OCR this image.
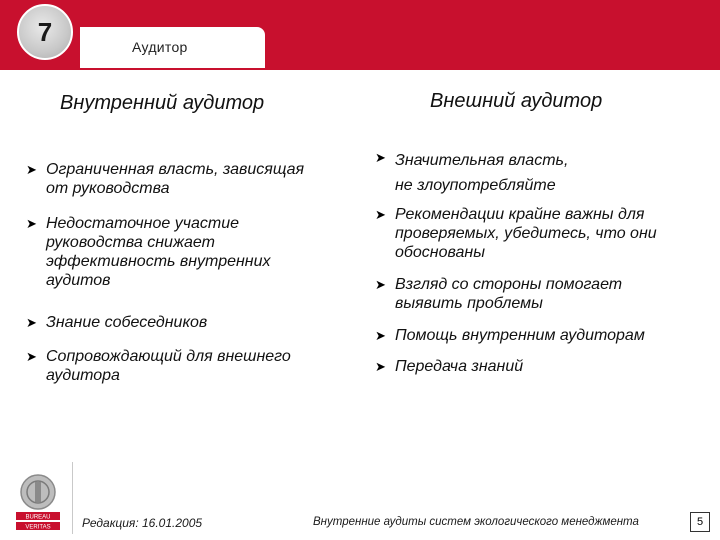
7
Аудитор
Внутренний аудитор	Внешний аудитор
➤ Ограниченная власть, зависящая
от руководства
➤ Недостаточное участие
руководства снижает
эффективность внутренних
аудитов
➤ Знание собеседников
➤ Сопровождающий для внешнего
аудитора
➤ Значительная власть,
не злоупотребляйте
➤ Рекомендации крайне важны для
проверяемых, убедитесь, что они
обоснованы
➤ Взгляд со стороны помогает
выявить проблемы
➤ Помощь внутренним аудиторам
➤ Передача знаний
BUREAU
VERITAS	Редакция: 16.01.2005	Внутренние аудиты систем экологического менеджмента	5
